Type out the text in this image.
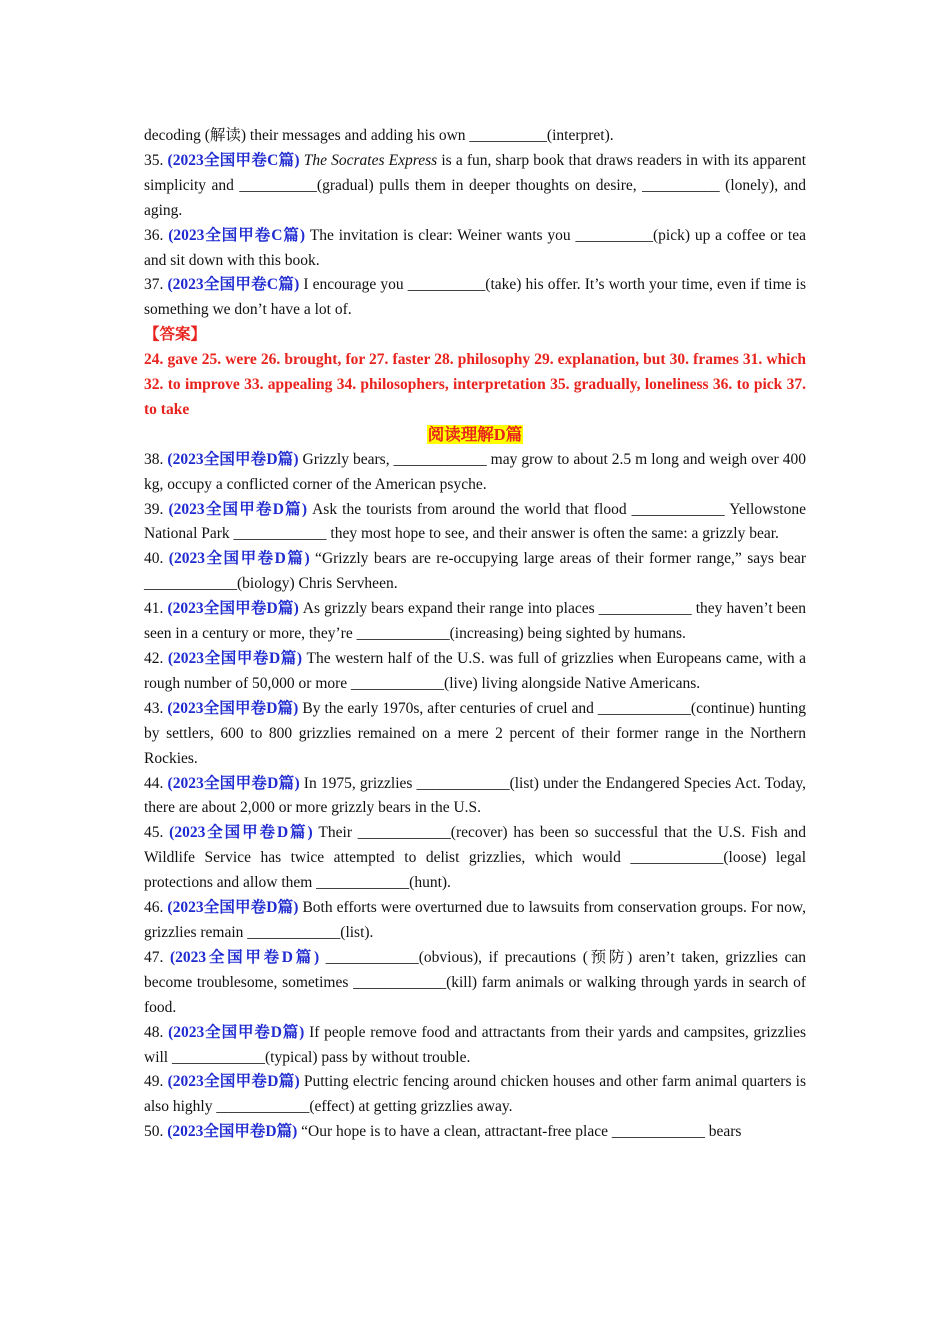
decoding (解读) their messages and adding his own __________(interpret).

35. (2023全国甲卷C篇) The Socrates Express is a fun, sharp book that draws readers in with its apparent simplicity and __________(gradual) pulls them in deeper thoughts on desire, __________ (lonely), and aging.

36. (2023全国甲卷C篇) The invitation is clear: Weiner wants you __________(pick) up a coffee or tea and sit down with this book.

37. (2023全国甲卷C篇) I encourage you __________(take) his offer. It’s worth your time, even if time is something we don’t have a lot of.

【答案】

24. gave 25. were 26. brought, for 27. faster 28. philosophy 29. explanation, but 30. frames 31. which 32. to improve 33. appealing 34. philosophers, interpretation 35. gradually, loneliness 36. to pick 37. to take

阅读理解D篇

38. (2023全国甲卷D篇) Grizzly bears, ____________ may grow to about 2.5 m long and weigh over 400 kg, occupy a conflicted corner of the American psyche.

39. (2023全国甲卷D篇) Ask the tourists from around the world that flood ____________ Yellowstone National Park ____________ they most hope to see, and their answer is often the same: a grizzly bear.

40. (2023全国甲卷D篇) “Grizzly bears are re-occupying large areas of their former range,” says bear ____________(biology) Chris Servheen.

41. (2023全国甲卷D篇) As grizzly bears expand their range into places ____________ they haven’t been seen in a century or more, they’re ____________(increasing) being sighted by humans.

42. (2023全国甲卷D篇) The western half of the U.S. was full of grizzlies when Europeans came, with a rough number of 50,000 or more ____________(live) living alongside Native Americans.

43. (2023全国甲卷D篇) By the early 1970s, after centuries of cruel and ____________(continue) hunting by settlers, 600 to 800 grizzlies remained on a mere 2 percent of their former range in the Northern Rockies.

44. (2023全国甲卷D篇) In 1975, grizzlies ____________(list) under the Endangered Species Act. Today, there are about 2,000 or more grizzly bears in the U.S.

45. (2023全国甲卷D篇) Their ____________(recover) has been so successful that the U.S. Fish and Wildlife Service has twice attempted to delist grizzlies, which would ____________(loose) legal protections and allow them ____________(hunt).

46. (2023全国甲卷D篇) Both efforts were overturned due to lawsuits from conservation groups. For now, grizzlies remain ____________(list).

47. (2023全国甲卷D篇) ____________(obvious), if precautions (预防) aren’t taken, grizzlies can become troublesome, sometimes ____________(kill) farm animals or walking through yards in search of food.

48. (2023全国甲卷D篇) If people remove food and attractants from their yards and campsites, grizzlies will ____________(typical) pass by without trouble.

49. (2023全国甲卷D篇) Putting electric fencing around chicken houses and other farm animal quarters is also highly ____________(effect) at getting grizzlies away.

50. (2023全国甲卷D篇) “Our hope is to have a clean, attractant-free place ____________ bears
